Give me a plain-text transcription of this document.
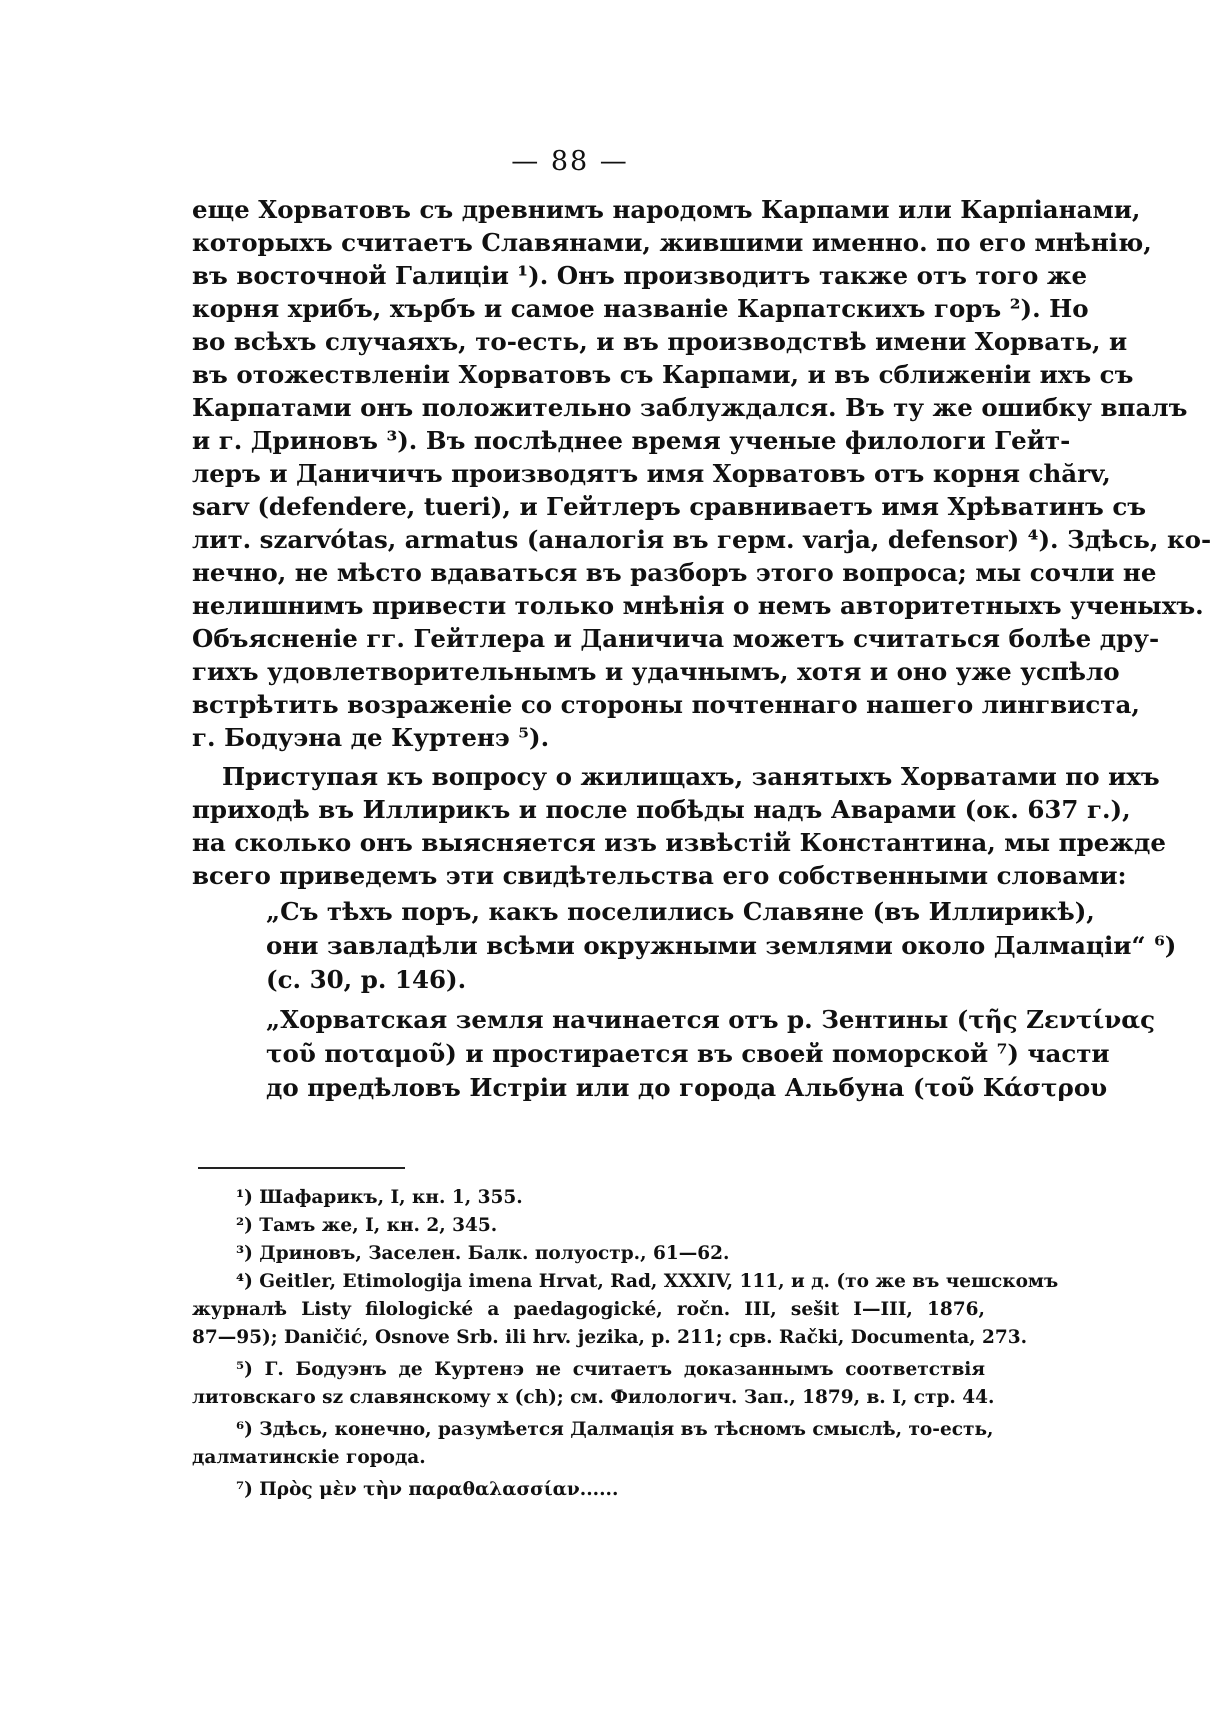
— 88 —
еще Хорватовъ съ древнимъ народомъ Карпами или Карпіанами,
которыхъ считаетъ Славянами, жившими именно. по его мнѣнію,
въ восточной Галиціи ¹). Онъ производитъ также отъ того же
корня хрибъ, хърбъ и самое названіе Карпатскихъ горъ ²). Но
во всѣхъ случаяхъ, то-есть, и въ производствѣ имени Хорвать, и
въ отожествленіи Хорватовъ съ Карпами, и въ сближеніи ихъ съ
Карпатами онъ положительно заблуждался. Въ ту же ошибку впалъ
и г. Дриновъ ³). Въ послѣднее время ученые филологи Гейт-
леръ и Даничичъ производятъ имя Хорватовъ отъ корня chărv,
sarv (defendere, tueri), и Гейтлеръ сравниваетъ имя Хрѣватинъ съ
лит. szarvótas, armatus (аналогія въ герм. varja, defensor) ⁴). Здѣсь, ко-
нечно, не мѣсто вдаваться въ разборъ этого вопроса; мы сочли не
нелишнимъ привести только мнѣнія о немъ авторитетныхъ ученыхъ.
Объясненіе гг. Гейтлера и Даничича можетъ считаться болѣе дру-
гихъ удовлетворительнымъ и удачнымъ, хотя и оно уже успѣло
встрѣтить возраженіе со стороны почтеннаго нашего лингвиста,
г. Бодуэна де Куртенэ ⁵).
Приступая къ вопросу о жилищахъ, занятыхъ Хорватами по ихъ
приходѣ въ Иллирикъ и после побѣды надъ Аварами (ок. 637 г.),
на сколько онъ выясняется изъ извѣстій Константина, мы прежде
всего приведемъ эти свидѣтельства его собственными словами:
„Съ тѣхъ поръ, какъ поселились Славяне (въ Иллирикѣ),
они завладѣли всѣми окружными землями около Далмаціи“ ⁶)
(с. 30, р. 146).
„Хорватская земля начинается отъ р. Зентины (τῆς Ζεντίνας
τοῦ ποταμοῦ) и простирается въ своей поморской ⁷) части
до предѣловъ Истріи или до города Альбуна (τοῦ Κάστρου
¹) Шафарикъ, I, кн. 1, 355.
²) Тамъ же, I, кн. 2, 345.
³) Дриновъ, Заселен. Балк. полуостр., 61—62.
⁴) Geitler, Etimologija imena Hrvat, Rad, XXXIV, 111, и д. (то же въ чешскомъ
журналѣ Listy filologické a paedagogické, ročn. III, sešit I—III, 1876,
87—95); Daničić, Osnove Srb. ili hrv. jezika, p. 211; срв. Rački, Documenta, 273.
⁵) Г. Бодуэнъ де Куртенэ не считаетъ доказаннымъ соответствія
литовскаго sz славянскому х (ch); см. Филологич. Зап., 1879, в. I, стр. 44.
⁶) Здѣсь, конечно, разумѣется Далмація въ тѣсномъ смыслѣ, то-есть,
далматинскіе города.
⁷) Πρὸς μὲν τὴν παραθαλασσίαν......
